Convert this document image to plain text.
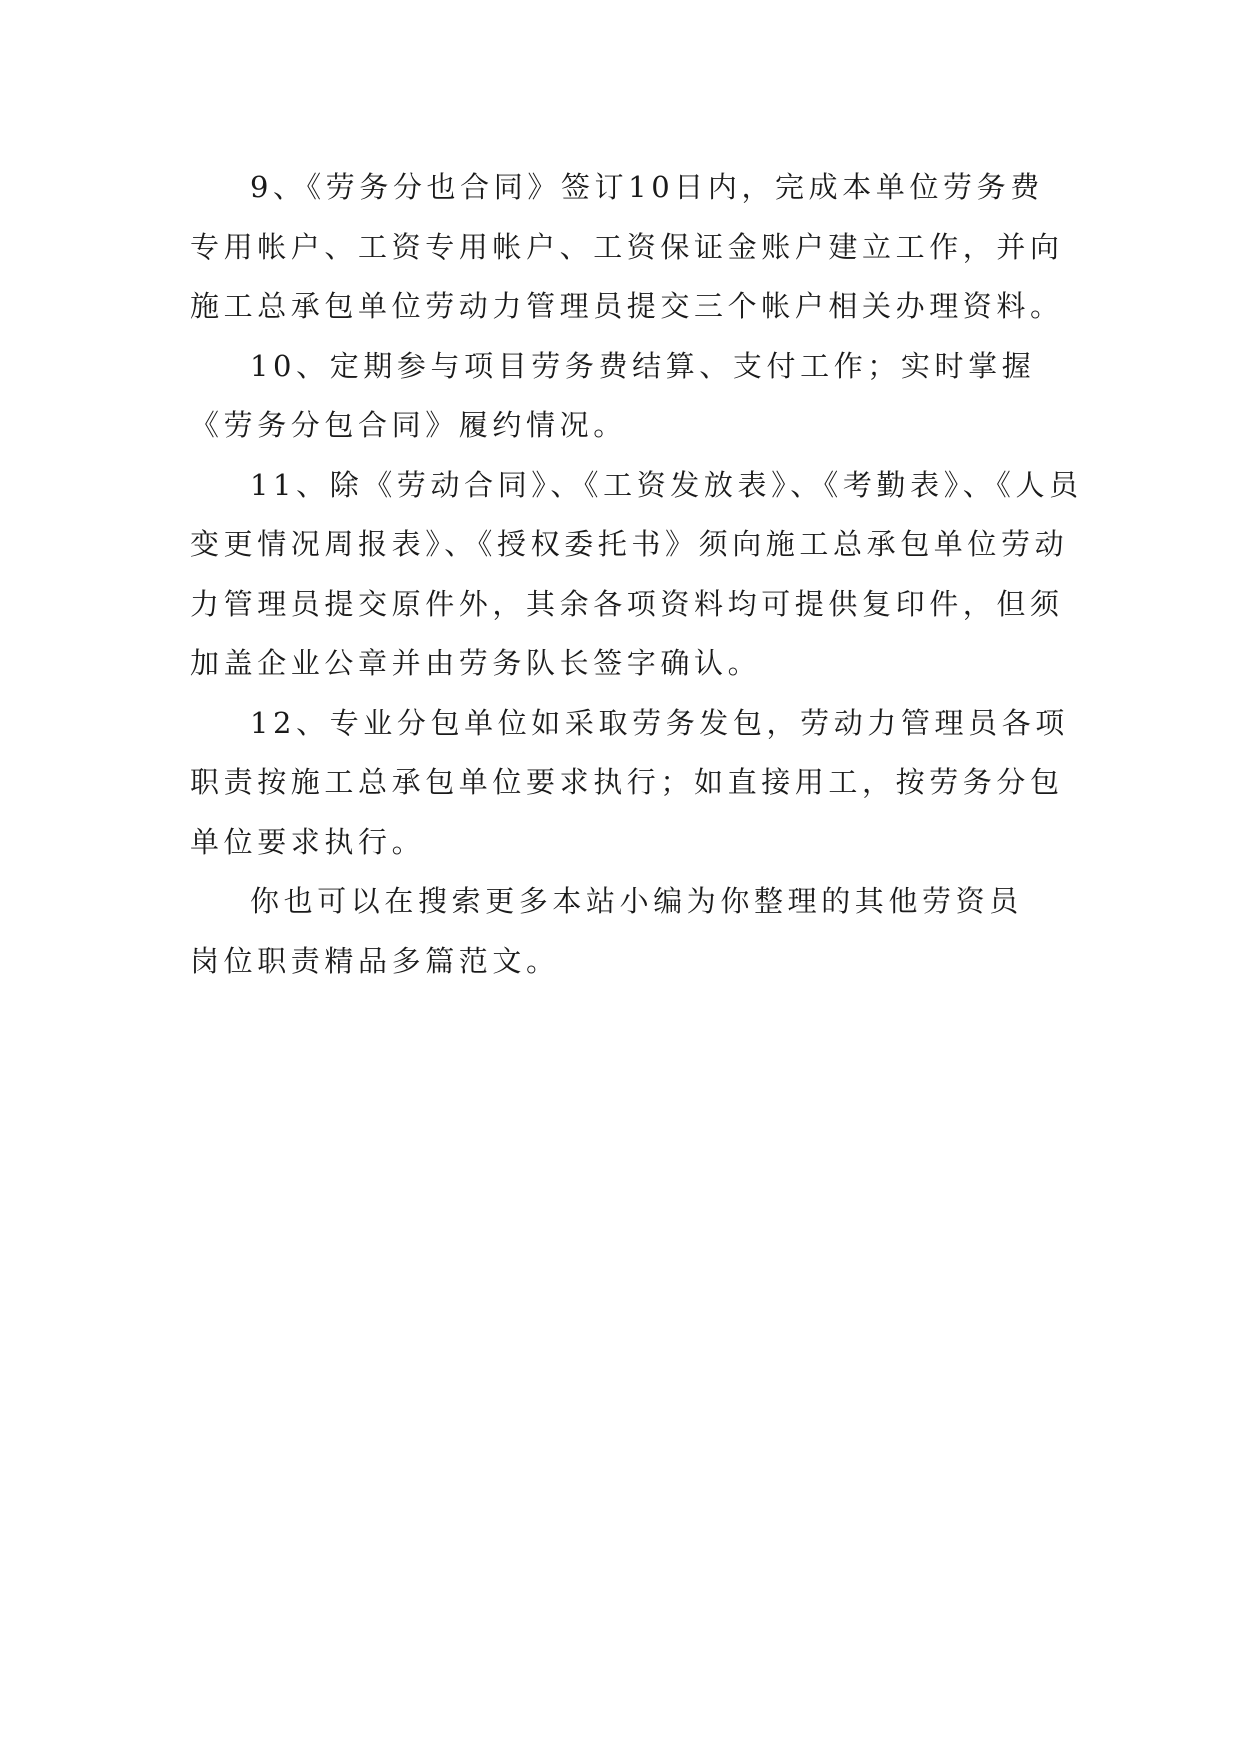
9、《劳务分也合同》签订10日内，完成本单位劳务费
专用帐户、工资专用帐户、工资保证金账户建立工作，并向
施工总承包单位劳动力管理员提交三个帐户相关办理资料。
10、定期参与项目劳务费结算、支付工作；实时掌握
《劳务分包合同》履约情况。
11、除《劳动合同》、《工资发放表》、《考勤表》、《人员
变更情况周报表》、《授权委托书》须向施工总承包单位劳动
力管理员提交原件外，其余各项资料均可提供复印件，但须
加盖企业公章并由劳务队长签字确认。
12、专业分包单位如采取劳务发包，劳动力管理员各项
职责按施工总承包单位要求执行；如直接用工，按劳务分包
单位要求执行。
你也可以在搜索更多本站小编为你整理的其他劳资员
岗位职责精品多篇范文。
